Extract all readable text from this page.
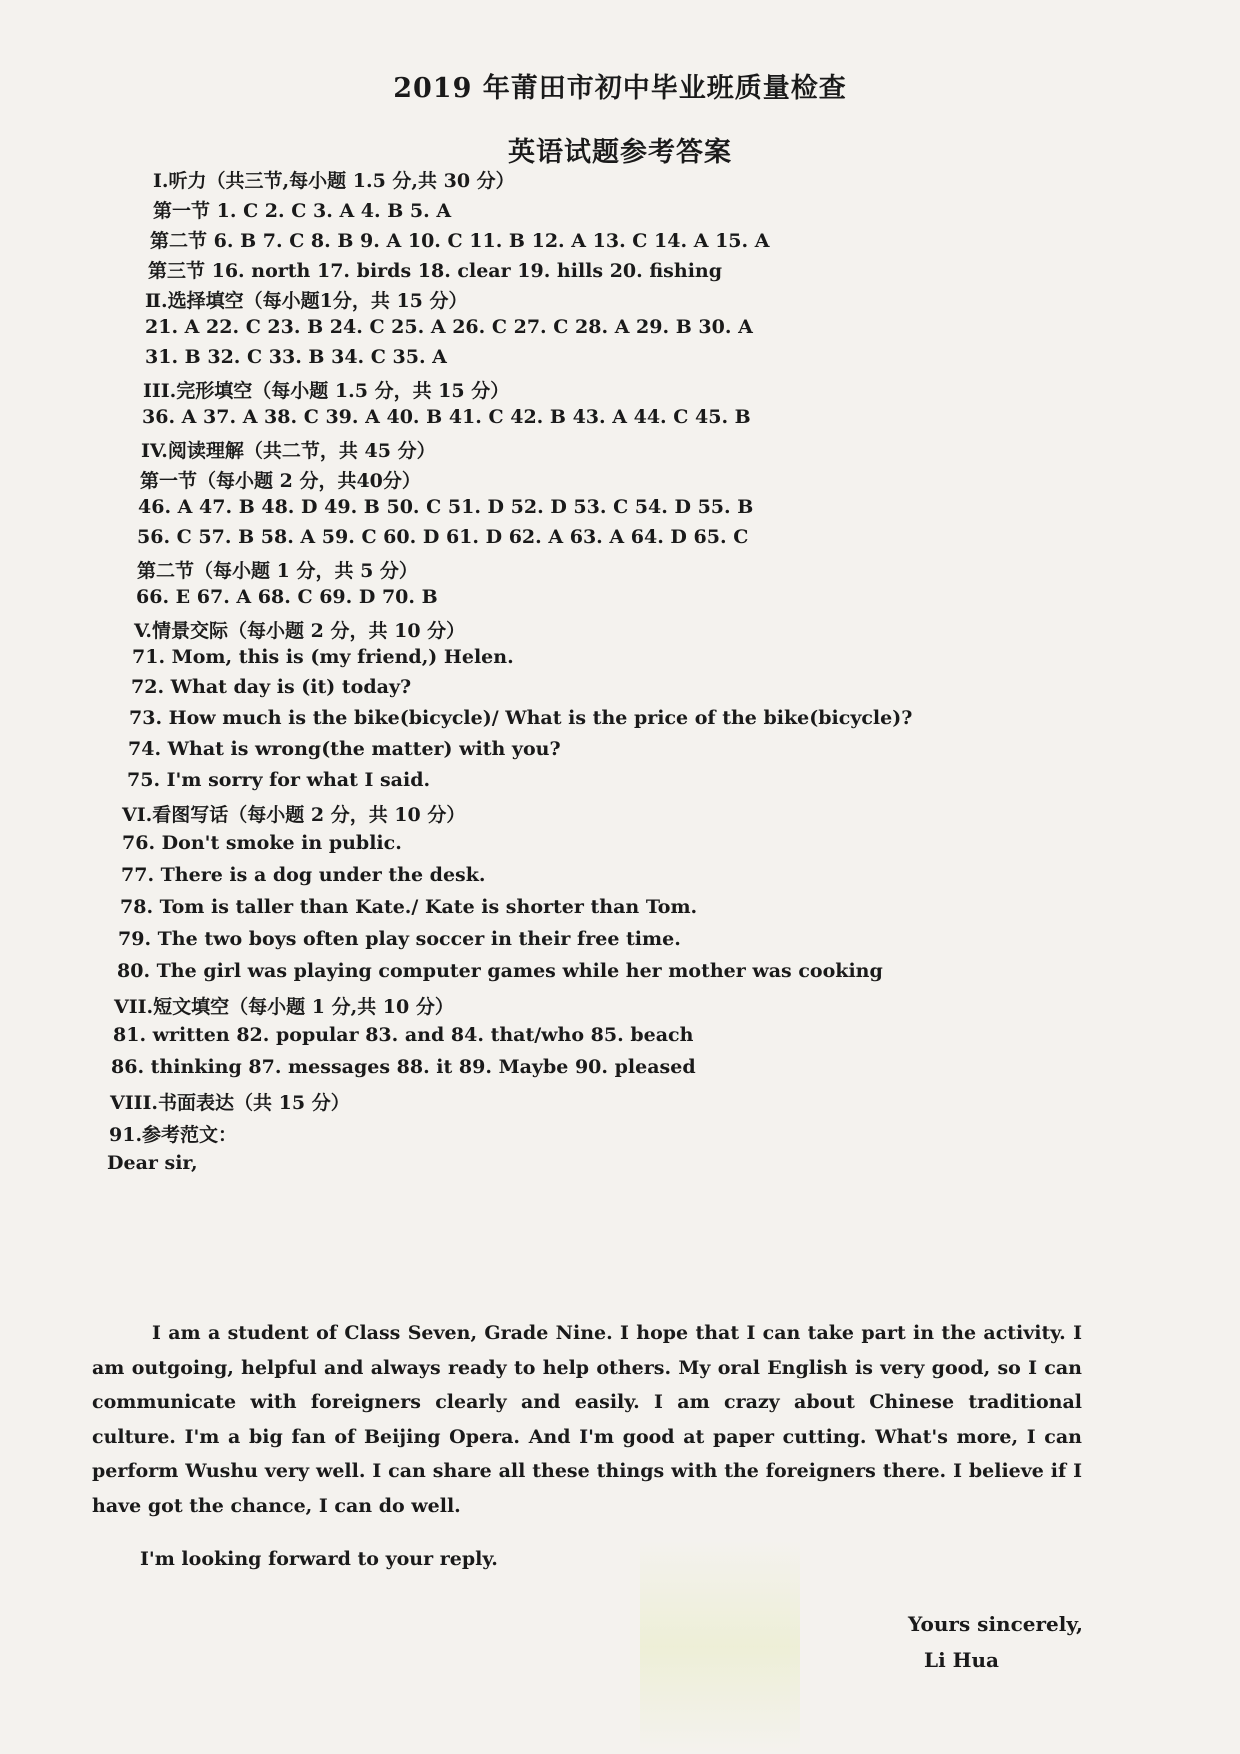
2019 年莆田市初中毕业班质量检查
英语试题参考答案
I.听力（共三节,每小题 1.5 分,共 30 分）
第一节 1. C 2. C 3. A 4. B 5. A
第二节 6. B 7. C 8. B 9. A 10. C 11. B 12. A 13. C 14. A 15. A
第三节 16. north 17. birds 18. clear 19. hills 20. fishing
Ⅱ.选择填空（每小题1分，共 15 分）
21. A 22. C 23. B 24. C 25. A 26. C 27. C 28. A 29. B 30. A
31. B 32. C 33. B 34. C 35. A
III.完形填空（每小题 1.5 分，共 15 分）
36. A 37. A 38. C 39. A 40. B 41. C 42. B 43. A 44. C 45. B
IV.阅读理解（共二节，共 45 分）
第一节（每小题 2 分，共40分）
46. A 47. B 48. D 49. B 50. C 51. D 52. D 53. C 54. D 55. B
56. C 57. B 58. A 59. C 60. D 61. D 62. A 63. A 64. D 65. C
第二节（每小题 1 分，共 5 分）
66. E 67. A 68. C 69. D 70. B
V.情景交际（每小题 2 分，共 10 分）
71. Mom, this is (my friend,) Helen.
72. What day is (it) today?
73. How much is the bike(bicycle)/ What is the price of the bike(bicycle)?
74. What is wrong(the matter) with you?
75. I'm sorry for what I said.
VI.看图写话（每小题 2 分，共 10 分）
76. Don't smoke in public.
77. There is a dog under the desk.
78. Tom is taller than Kate./ Kate is shorter than Tom.
79. The two boys often play soccer in their free time.
80. The girl was playing computer games while her mother was cooking
VII.短文填空（每小题 1 分,共 10 分）
81. written 82. popular 83. and 84. that/who 85. beach
86. thinking 87. messages 88. it 89. Maybe 90. pleased
VIII.书面表达（共 15 分）
91.参考范文：
Dear sir,
I am a student of Class Seven, Grade Nine. I hope that I can take part in the activity. I am outgoing, helpful and always ready to help others. My oral English is very good, so I can communicate with foreigners clearly and easily. I am crazy about Chinese traditional culture. I'm a big fan of Beijing Opera. And I'm good at paper cutting. What's more, I can perform Wushu very well. I can share all these things with the foreigners there. I believe if I have got the chance, I can do well.
I'm looking forward to your reply.
Yours sincerely,
Li Hua
